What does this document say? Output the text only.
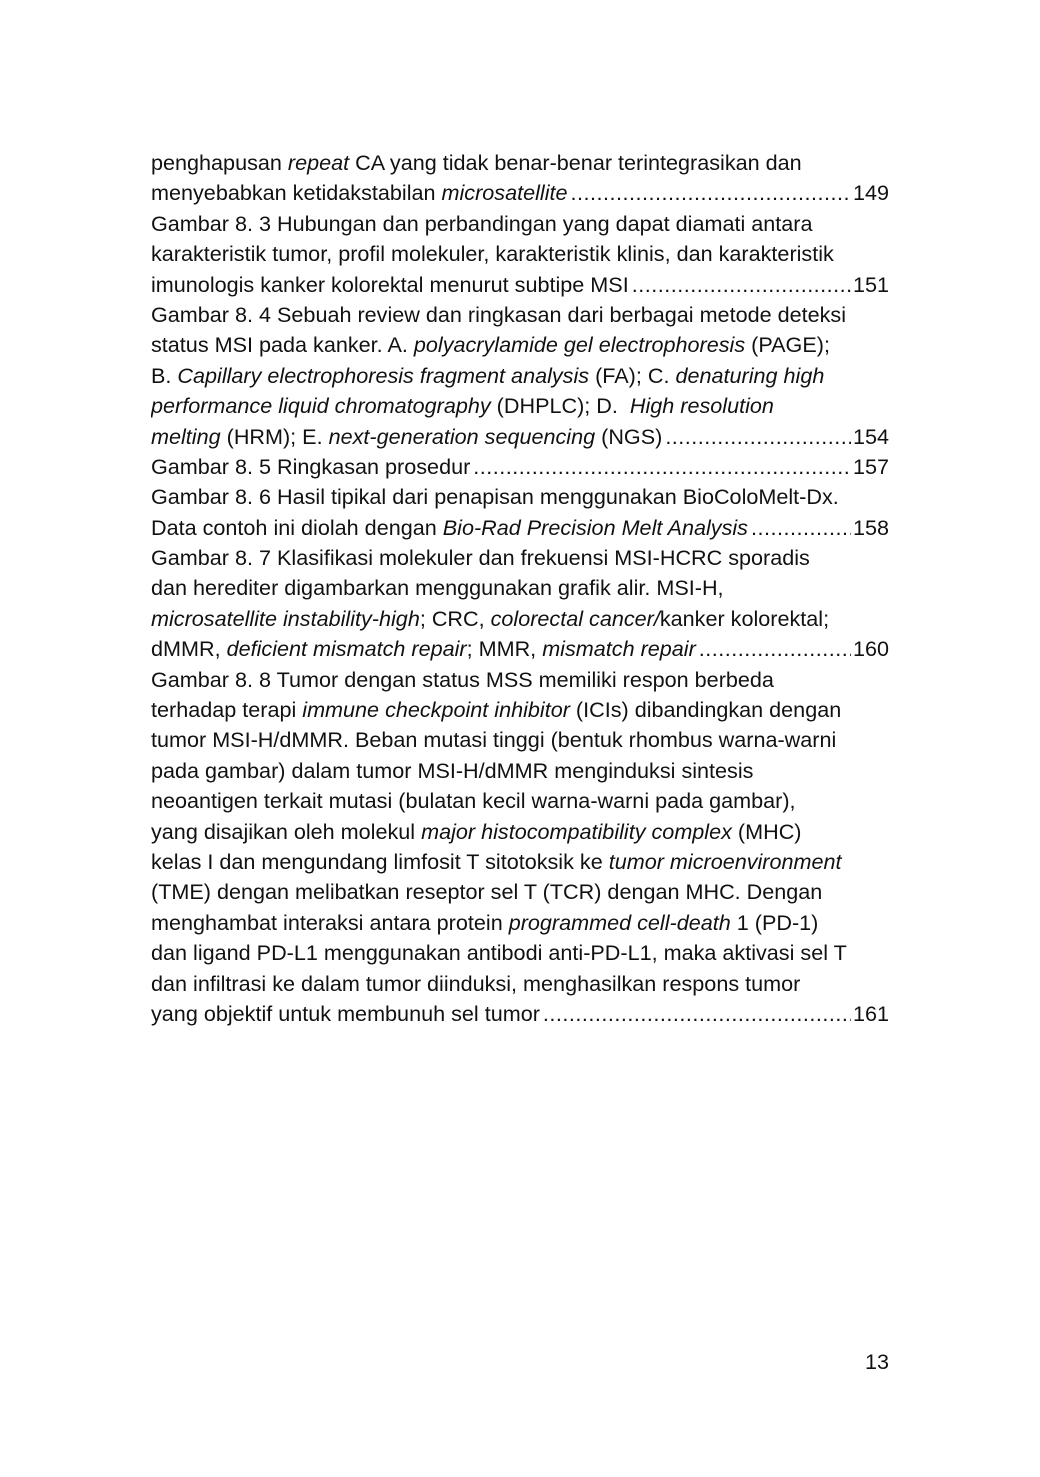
penghapusan repeat CA yang tidak benar-benar terintegrasikan dan
menyebabkan ketidakstabilan microsatellite .....	149
Gambar 8. 3 Hubungan dan perbandingan yang dapat diamati antara
karakteristik tumor, profil molekuler, karakteristik klinis, dan karakteristik
imunologis kanker kolorektal menurut subtipe MSI .....	151
Gambar 8. 4 Sebuah review dan ringkasan dari berbagai metode deteksi
status MSI pada kanker. A. polyacrylamide gel electrophoresis (PAGE);
B. Capillary electrophoresis fragment analysis (FA); C. denaturing high
performance liquid chromatography (DHPLC); D.  High resolution
melting (HRM); E. next-generation sequencing (NGS) .....	154
Gambar 8. 5 Ringkasan prosedur .....	157
Gambar 8. 6 Hasil tipikal dari penapisan menggunakan BioColoMelt-Dx.
Data contoh ini diolah dengan Bio-Rad Precision Melt Analysis .....	158
Gambar 8. 7 Klasifikasi molekuler dan frekuensi MSI-HCRC sporadis
dan herediter digambarkan menggunakan grafik alir. MSI-H,
microsatellite instability-high; CRC, colorectal cancer/kanker kolorektal;
dMMR, deficient mismatch repair; MMR, mismatch repair .....	160
Gambar 8. 8 Tumor dengan status MSS memiliki respon berbeda
terhadap terapi immune checkpoint inhibitor (ICIs) dibandingkan dengan
tumor MSI-H/dMMR. Beban mutasi tinggi (bentuk rhombus warna-warni
pada gambar) dalam tumor MSI-H/dMMR menginduksi sintesis
neoantigen terkait mutasi (bulatan kecil warna-warni pada gambar),
yang disajikan oleh molekul major histocompatibility complex (MHC)
kelas I dan mengundang limfosit T sitotoksik ke tumor microenvironment
(TME) dengan melibatkan reseptor sel T (TCR) dengan MHC. Dengan
menghambat interaksi antara protein programmed cell-death 1 (PD-1)
dan ligand PD-L1 menggunakan antibodi anti-PD-L1, maka aktivasi sel T
dan infiltrasi ke dalam tumor diinduksi, menghasilkan respons tumor
yang objektif untuk membunuh sel tumor .....	161
13
